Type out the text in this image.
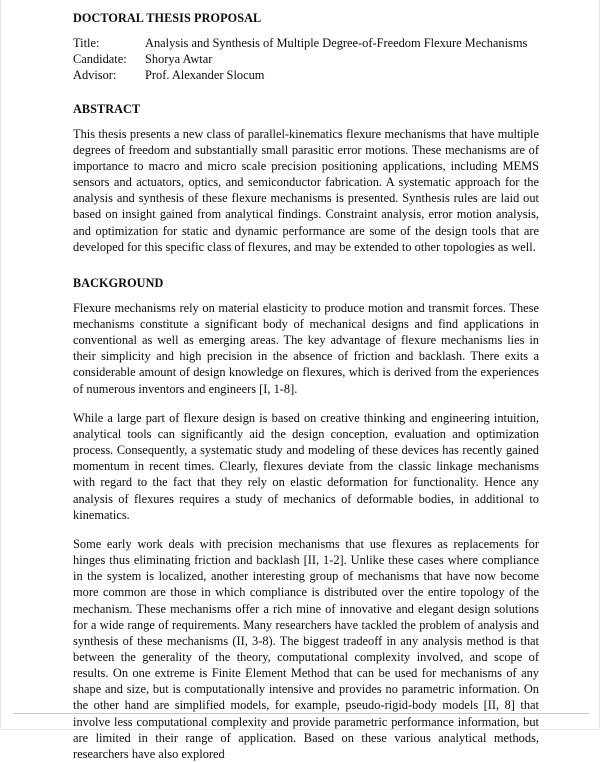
DOCTORAL THESIS PROPOSAL
Title:	Analysis and Synthesis of Multiple Degree-of-Freedom Flexure Mechanisms
Candidate:	Shorya Awtar
Advisor:	Prof. Alexander Slocum
ABSTRACT

This thesis presents a new class of parallel-kinematics flexure mechanisms that have multiple degrees of freedom and substantially small parasitic error motions. These mechanisms are of importance to macro and micro scale precision positioning applications, including MEMS sensors and actuators, optics, and semiconductor fabrication. A systematic approach for the analysis and synthesis of these flexure mechanisms is presented. Synthesis rules are laid out based on insight gained from analytical findings. Constraint analysis, error motion analysis, and optimization for static and dynamic performance are some of the design tools that are developed for this specific class of flexures, and may be extended to other topologies as well.

BACKGROUND

Flexure mechanisms rely on material elasticity to produce motion and transmit forces. These mechanisms constitute a significant body of mechanical designs and find applications in conventional as well as emerging areas. The key advantage of flexure mechanisms lies in their simplicity and high precision in the absence of friction and backlash. There exits a considerable amount of design knowledge on flexures, which is derived from the experiences of numerous inventors and engineers [I, 1-8].

While a large part of flexure design is based on creative thinking and engineering intuition, analytical tools can significantly aid the design conception, evaluation and optimization process. Consequently, a systematic study and modeling of these devices has recently gained momentum in recent times. Clearly, flexures deviate from the classic linkage mechanisms with regard to the fact that they rely on elastic deformation for functionality. Hence any analysis of flexures requires a study of mechanics of deformable bodies, in additional to kinematics.

Some early work deals with precision mechanisms that use flexures as replacements for hinges thus eliminating friction and backlash [II, 1-2]. Unlike these cases where compliance in the system is localized, another interesting group of mechanisms that have now become more common are those in which compliance is distributed over the entire topology of the mechanism. These mechanisms offer a rich mine of innovative and elegant design solutions for a wide range of requirements. Many researchers have tackled the problem of analysis and synthesis of these mechanisms (II, 3-8). The biggest tradeoff in any analysis method is that between the generality of the theory, computational complexity involved, and scope of results. On one extreme is Finite Element Method that can be used for mechanisms of any shape and size, but is computationally intensive and provides no parametric information. On the other hand are simplified models, for example, pseudo-rigid-body models [II, 8] that involve less computational complexity and provide parametric performance information, but are limited in their range of application. Based on these various analytical methods, researchers have also explored
